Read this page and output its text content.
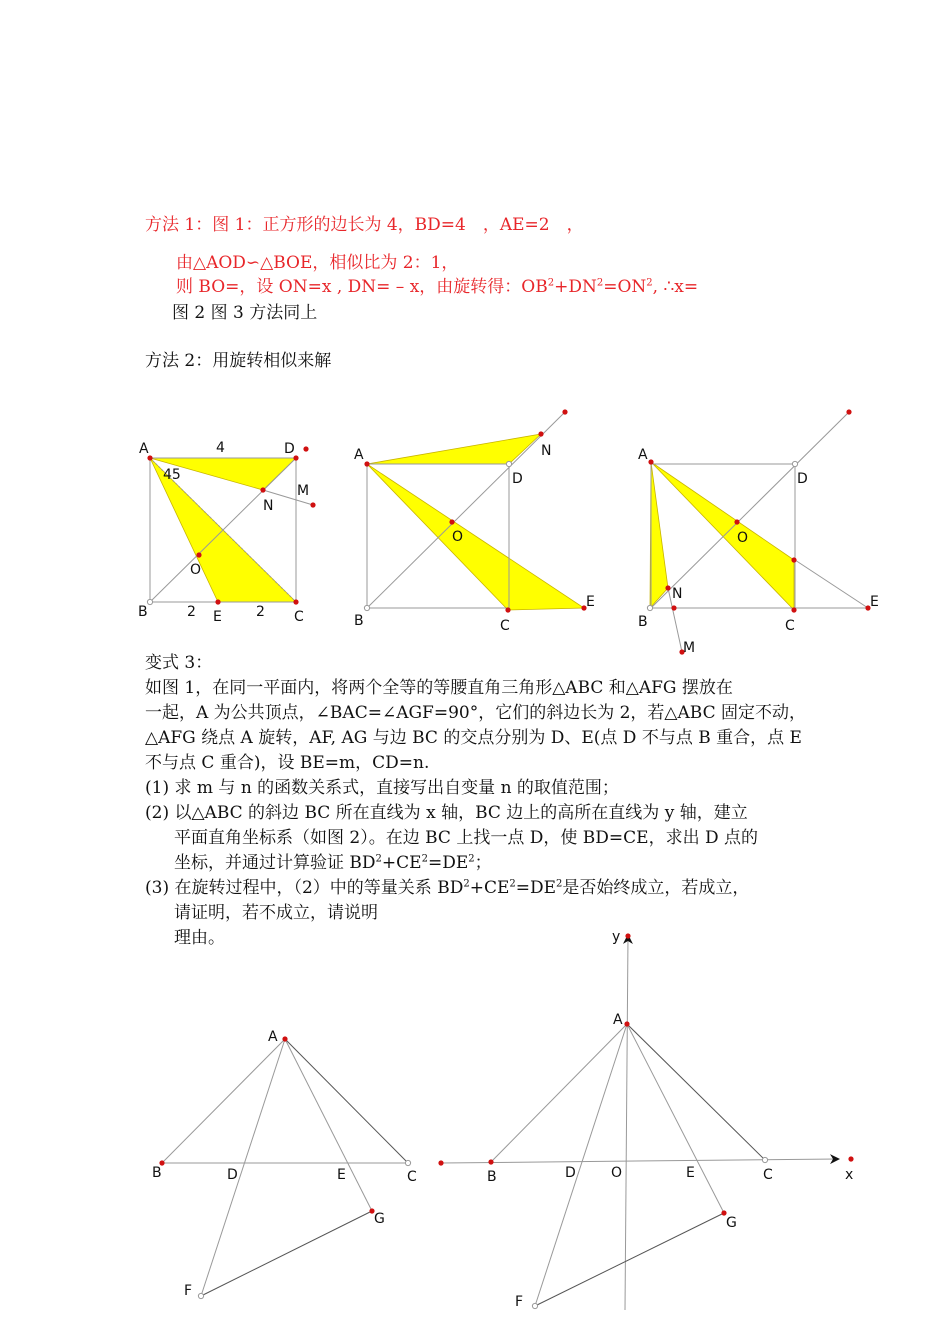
方法 1：图 1：正方形的边长为 4，BD=4　，AE=2　，
由△AOD∽△BOE，相似比为 2：1，
则 BO=，设 ON=x , DN= – x，由旋转得：$OB^2+DN^2=ON^2$, ∴x=
图 2 图 3 方法同上
方法 2：用旋转相似来解
变式 3：
如图 1，在同一平面内，将两个全等的等腰直角三角形△ABC 和△AFG 摆放在
一起，A 为公共顶点，∠BAC=∠AGF=90°，它们的斜边长为 2，若△ABC 固定不动，
△AFG 绕点 A 旋转，AF, AG 与边 BC 的交点分别为 D、E(点 D 不与点 B 重合，点 E
不与点 C 重合)，设 BE=m，CD=n.
(1) 求 m 与 n 的函数关系式，直接写出自变量 n 的取值范围；
(2) 以△ABC 的斜边 BC 所在直线为 x 轴，BC 边上的高所在直线为 y 轴，建立
平面直角坐标系（如图 2）。在边 BC 上找一点 D，使 BD=CE，求出 D 点的
坐标，并通过计算验证 $BD^2+CE^2=DE^2$；
(3) 在旋转过程中，（2）中的等量关系 $BD^2+CE^2=DE^2$是否始终成立，若成立，
请证明，若不成立，请说明
理由。
A	D
4
45
M
N
O
B	2 E 2 C
A
D
N
O
B	C
E
A
D
O
N
B	C
E
M
A
B	D	E	C
G
F
y
A
B	D	O	E	C	x
G
F
